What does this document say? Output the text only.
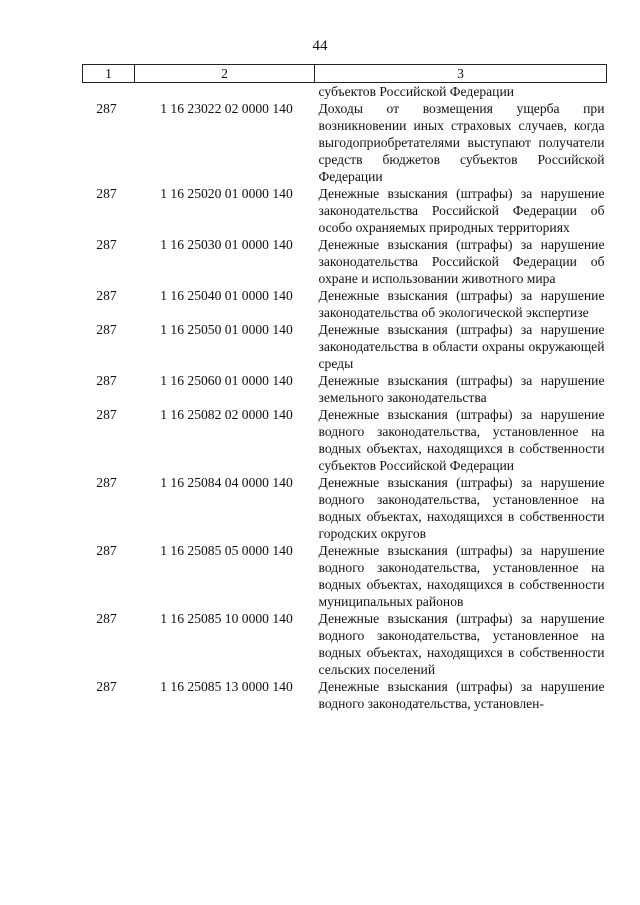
44
1	2	3
		субъектов Российской Федерации
287	1 16 23022 02 0000 140	Доходы от возмещения ущерба при возникновении иных страховых случаев, когда выгодоприобретателями выступают получатели средств бюджетов субъектов Российской Федерации
287	1 16 25020 01 0000 140	Денежные взыскания (штрафы) за нарушение законодательства Российской Федерации об особо охраняемых природных территориях
287	1 16 25030 01 0000 140	Денежные взыскания (штрафы) за нарушение законодательства Российской Федерации об охране и использовании животного мира
287	1 16 25040 01 0000 140	Денежные взыскания (штрафы) за нарушение законодательства об экологической экспертизе
287	1 16 25050 01 0000 140	Денежные взыскания (штрафы) за нарушение законодательства в области охраны окружающей среды
287	1 16 25060 01 0000 140	Денежные взыскания (штрафы) за нарушение земельного законодательства
287	1 16 25082 02 0000 140	Денежные взыскания (штрафы) за нарушение водного законодательства, установленное на водных объектах, находящихся в собственности субъектов Российской Федерации
287	1 16 25084 04 0000 140	Денежные взыскания (штрафы) за нарушение водного законодательства, установленное на водных объектах, находящихся в собственности городских округов
287	1 16 25085 05 0000 140	Денежные взыскания (штрафы) за нарушение водного законодательства, установленное на водных объектах, находящихся в собственности муниципальных районов
287	1 16 25085 10 0000 140	Денежные взыскания (штрафы) за нарушение водного законодательства, установленное на водных объектах, находящихся в собственности сельских поселений
287	1 16 25085 13 0000 140	Денежные взыскания (штрафы) за нарушение водного законодательства, установлен-
